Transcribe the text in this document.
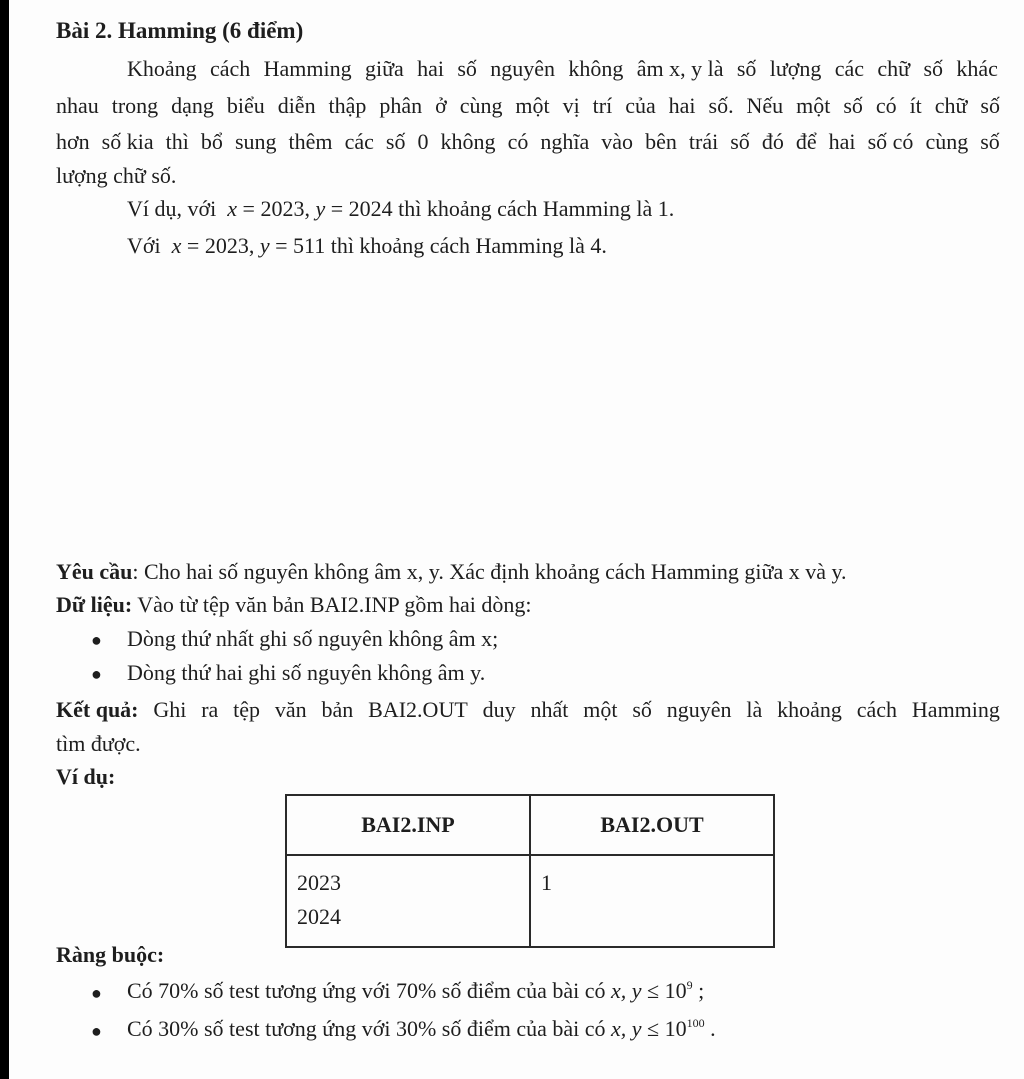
Bài 2. Hamming (6 điểm)
Khoảng cách Hamming giữa hai số nguyên không âm x, y là số lượng các chữ số khác
nhau trong dạng biểu diễn thập phân ở cùng một vị trí của hai số. Nếu một số có ít chữ số
hơn số kia thì bổ sung thêm các số 0 không có nghĩa vào bên trái số đó để hai số có cùng số
lượng chữ số.
Ví dụ, với x = 2023, y = 2024 thì khoảng cách Hamming là 1.
Với x = 2023, y = 511 thì khoảng cách Hamming là 4.
Yêu cầu: Cho hai số nguyên không âm x, y. Xác định khoảng cách Hamming giữa x và y.
Dữ liệu: Vào từ tệp văn bản BAI2.INP gồm hai dòng:
● Dòng thứ nhất ghi số nguyên không âm x;
● Dòng thứ hai ghi số nguyên không âm y.
Kết quả: Ghi ra tệp văn bản BAI2.OUT duy nhất một số nguyên là khoảng cách Hamming
tìm được.
Ví dụ:
BAI2.INP	BAI2.OUT

2023
2024	1
Ràng buộc:
● Có 70% số test tương ứng với 70% số điểm của bài có x, $y \le 10^9$ ;
● Có 30% số test tương ứng với 30% số điểm của bài có x, $y \le 10^{100}$ .
